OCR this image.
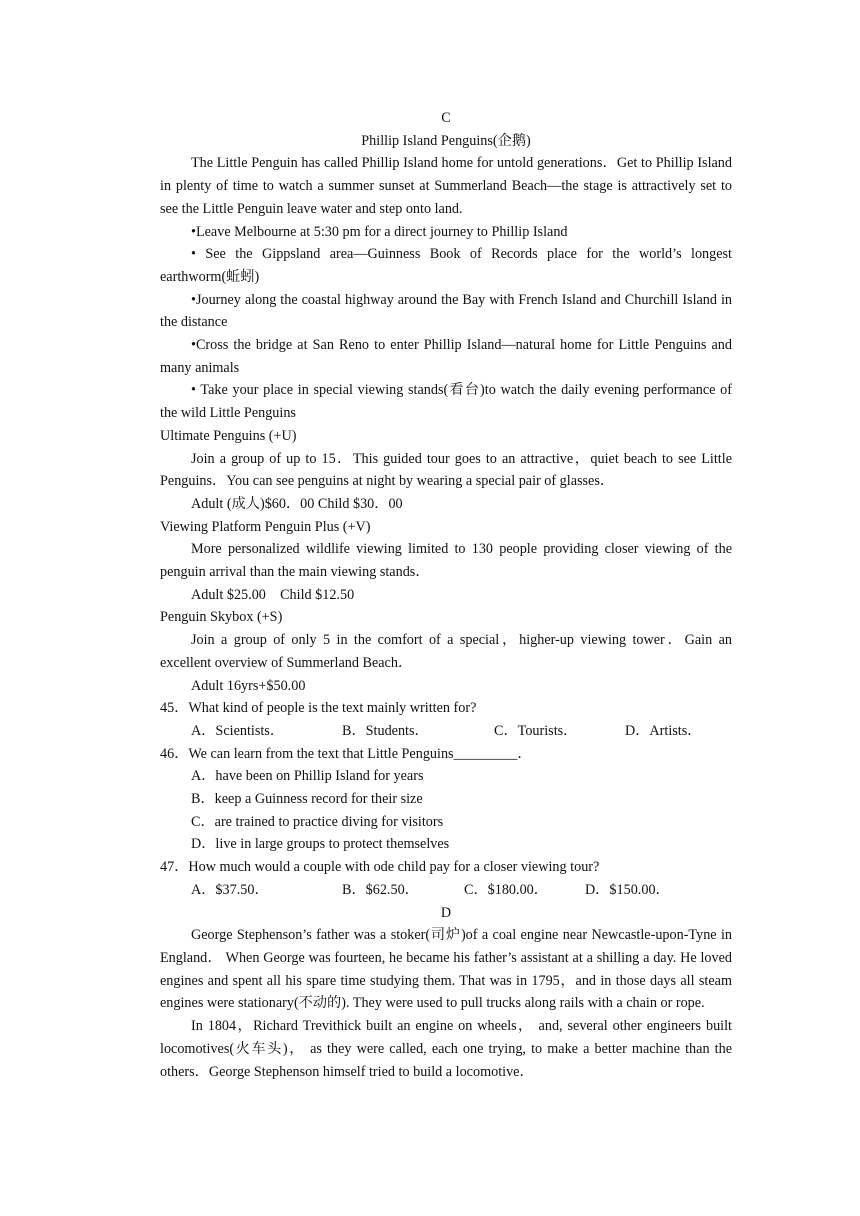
C
Phillip Island Penguins(企鹅)

The Little Penguin has called Phillip Island home for untold generations．Get to Phillip Island in plenty of time to watch a summer sunset at Summerland Beach—the stage is attractively set to see the Little Penguin leave water and step onto land.

•Leave Melbourne at 5:30 pm for a direct journey to Phillip Island

• See the Gippsland area—Guinness Book of Records place for the world’s longest earthworm(蚯蚓)

•Journey along the coastal highway around the Bay with French Island and Churchill Island in the distance

•Cross the bridge at San Reno to enter Phillip Island—natural home for Little Penguins and many animals

• Take your place in special viewing stands(看台)to watch the daily evening performance of the wild Little Penguins

Ultimate Penguins (+U)

Join a group of up to 15．This guided tour goes to an attractive，quiet beach to see Little Penguins．You can see penguins at night by wearing a special pair of glasses．

Adult (成人)$60．00 Child $30．00

Viewing Platform Penguin Plus (+V)

More personalized wildlife viewing limited to 130 people providing closer viewing of the penguin arrival than the main viewing stands．

Adult $25.00    Child $12.50

Penguin Skybox (+S)

Join a group of only 5 in the comfort of a special，higher-up viewing tower．Gain an excellent overview of Summerland Beach．

Adult 16yrs+$50.00

45．What kind of people is the text mainly written for?

A．Scientists．	B．Students．	C．Tourists．	D．Artists．

46．We can learn from the text that Little Penguins_________．

A．have been on Phillip Island for years

B．keep a Guinness record for their size

C．are trained to practice diving for visitors

D．live in large groups to protect themselves

47．How much would a couple with ode child pay for a closer viewing tour?

A．$37.50．	B．$62.50．	C．$180.00．	D．$150.00．
D

George Stephenson’s father was a stoker(司炉)of a coal engine near Newcastle-upon-Tyne in England． When George was fourteen, he became his father’s assistant at a shilling a day. He loved engines and spent all his spare time studying them. That was in 1795，and in those days all steam engines were stationary(不动的). They were used to pull trucks along rails with a chain or rope.

In 1804，Richard Trevithick built an engine on wheels， and, several other engineers built locomotives(火车头)， as they were called, each one trying, to make a better machine than the others．George Stephenson himself tried to build a locomotive．
